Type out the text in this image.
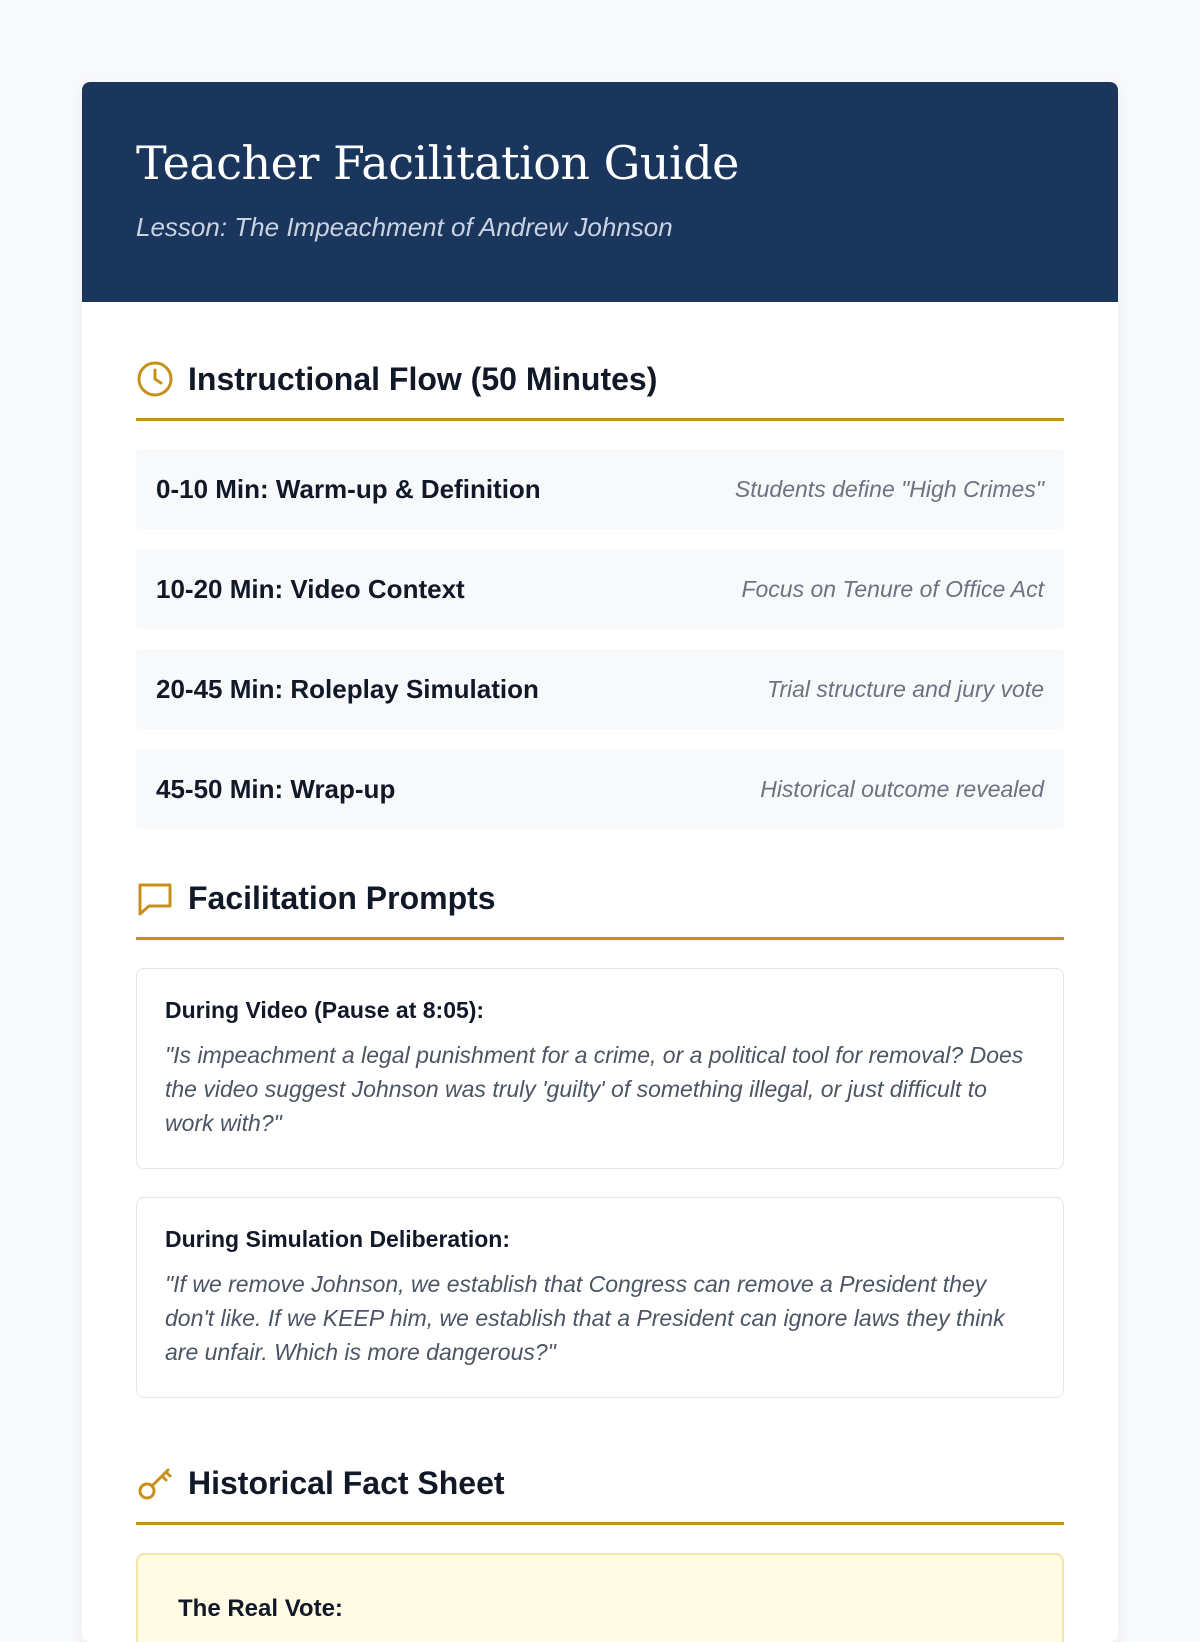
Teacher Facilitation Guide
Lesson: The Impeachment of Andrew Johnson
Instructional Flow (50 Minutes)
0-10 Min: Warm-up & Definition	Students define "High Crimes"
10-20 Min: Video Context	Focus on Tenure of Office Act
20-45 Min: Roleplay Simulation	Trial structure and jury vote
45-50 Min: Wrap-up	Historical outcome revealed
Facilitation Prompts
During Video (Pause at 8:05):
"Is impeachment a legal punishment for a crime, or a political tool for removal? Does the video suggest Johnson was truly 'guilty' of something illegal, or just difficult to work with?"
During Simulation Deliberation:
"If we remove Johnson, we establish that Congress can remove a President they don't like. If we KEEP him, we establish that a President can ignore laws they think are unfair. Which is more dangerous?"
Historical Fact Sheet
The Real Vote:
